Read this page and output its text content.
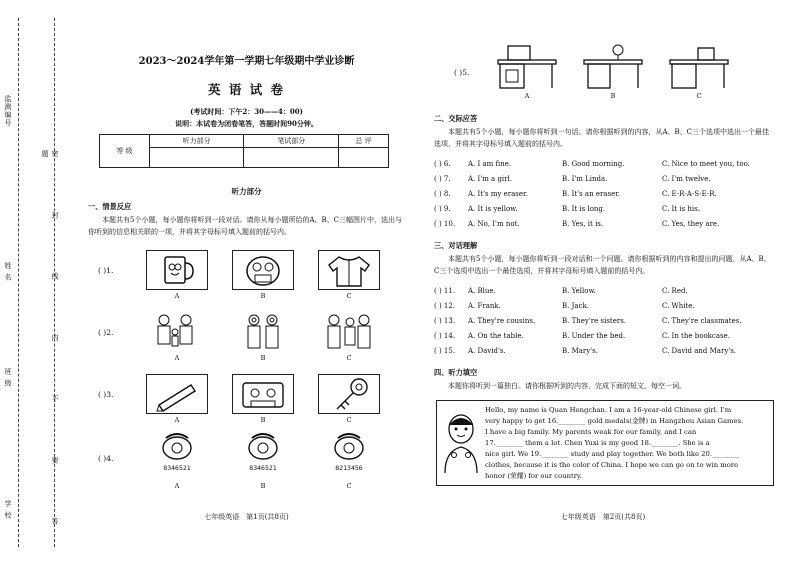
监测编号
姓 名
班 级
学 校	密 封 线 内 不 要 答 题
2023～2024学年第一学期七年级期中学业诊断
英 语 试 卷
(考试时间：下午2：30——4：00)
说明：本试卷为闭卷笔答，答题时间90分钟。
等 级	听力部分	笔试部分	总 评

听力部分
一、情景反应
本题共有5个小题，每小题你将听到一段对话。请你从每小题所给的A、B、C三幅图片中，选出与你听到的信息相关联的一项，并将其字母标号填入题前的括号内。
( )1.
A	B	C
( )2.
A	B	C
( )3.
A	B	C
( )4.
8346521	8346521	8213456
A	B	C
七年级英语　第1页(共8页)
( )5.
A	B	C
二、交际应答
本题共有5个小题，每小题你将听到一句话。请你根据听到的内容，从A、B、C三个选项中选出一个最佳选项，并将其字母标号填入题前的括号内。
( ) 6. A. I am fine.	B. Good morning.	C. Nice to meet you, too.
( ) 7. A. I'm a girl.	B. I'm Linda.	C. I'm twelve.
( ) 8. A. It's my eraser.	B. It's an eraser.	C. E-R-A-S-E-R.
( ) 9. A. It is yellow.	B. It is long.	C. It is his.
( ) 10. A. No, I'm not.	B. Yes, it is.	C. Yes, they are.
三、对话理解
本题共有5个小题，每小题你将听到一段对话和一个问题。请你根据听到的内容和提出的问题，从A、B、C三个选项中选出一个最佳选项，并将其字母标号填入题前的括号内。
( ) 11. A. Blue.	B. Yellow.	C. Red.
( ) 12. A. Frank.	B. Jack.	C. White.
( ) 13. A. They're cousins.	B. They're sisters.	C. They're classmates.
( ) 14. A. On the table.	B. Under the bed.	C. In the bookcase.
( ) 15. A. David's.	B. Mary's.	C. David and Mary's.
四、听力填空
本题你将听到一篇独白。请你根据听到的内容，完成下面的短文，每空一词。
Hello, my name is Quan Hongchan. I am a 16-year-old Chinese girl. I'm
very happy to get 16.________ gold medals(金牌) in Hangzhou Asian Games.
I have a big family. My parents weak for our family, and I can
17.________ them a lot. Chen Yuxi is my good 18.________. She is a
nice girl. We 19.________ study and play together. We both like 20.________
clothes, because it is the color of China. I hope we can go on to win more
honor (荣耀) for our country.
七年级英语　第2页(共8页)
